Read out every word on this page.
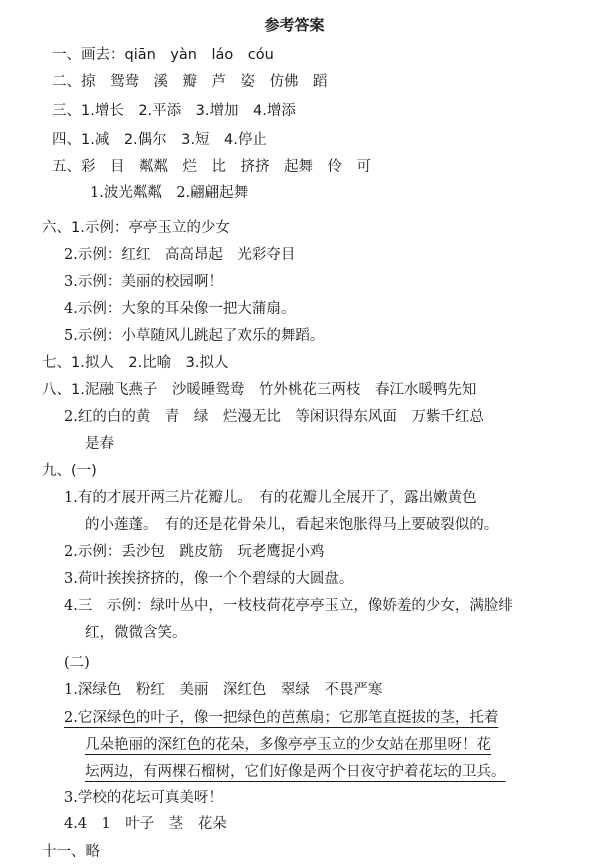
参考答案
一、画去：qiān　yàn　láo　cóu
二、掠　鸳鸯　溪　瓣　芦　姿　仿佛　蹈
三、1.增长　2.平添　3.增加　4.增添
四、1.减　2.偶尔　3.短　4.停止
五、彩　目　粼粼　烂　比　挤挤　起舞　伶　可
1.波光粼粼　2.翩翩起舞
六、1.示例：亭亭玉立的少女
2.示例：红红　高高昂起　光彩夺目
3.示例：美丽的校园啊！
4.示例：大象的耳朵像一把大蒲扇。
5.示例：小草随风儿跳起了欢乐的舞蹈。
七、1.拟人　2.比喻　3.拟人
八、1.泥融飞燕子　沙暖睡鸳鸯　竹外桃花三两枝　春江水暖鸭先知
2.红的白的黄　青　绿　烂漫无比　等闲识得东风面　万紫千红总
是春
九、(一)
1.有的才展开两三片花瓣儿。　有的花瓣儿全展开了，露出嫩黄色
的小莲蓬。　有的还是花骨朵儿，看起来饱胀得马上要破裂似的。
2.示例：丢沙包　跳皮筋　玩老鹰捉小鸡
3.荷叶挨挨挤挤的，像一个个碧绿的大圆盘。
4.三　示例：绿叶丛中，一枝枝荷花亭亭玉立，像娇羞的少女，满脸绯
红，微微含笑。
(二)
1.深绿色　粉红　美丽　深红色　翠绿　不畏严寒
2.它深绿色的叶子，像一把绿色的芭蕉扇；它那笔直挺拔的茎，托着
几朵艳丽的深红色的花朵，多像亭亭玉立的少女站在那里呀！花
坛两边，有两棵石榴树，它们好像是两个日夜守护着花坛的卫兵。
3.学校的花坛可真美呀！
4.4　1　叶子　茎　花朵
十一、略
